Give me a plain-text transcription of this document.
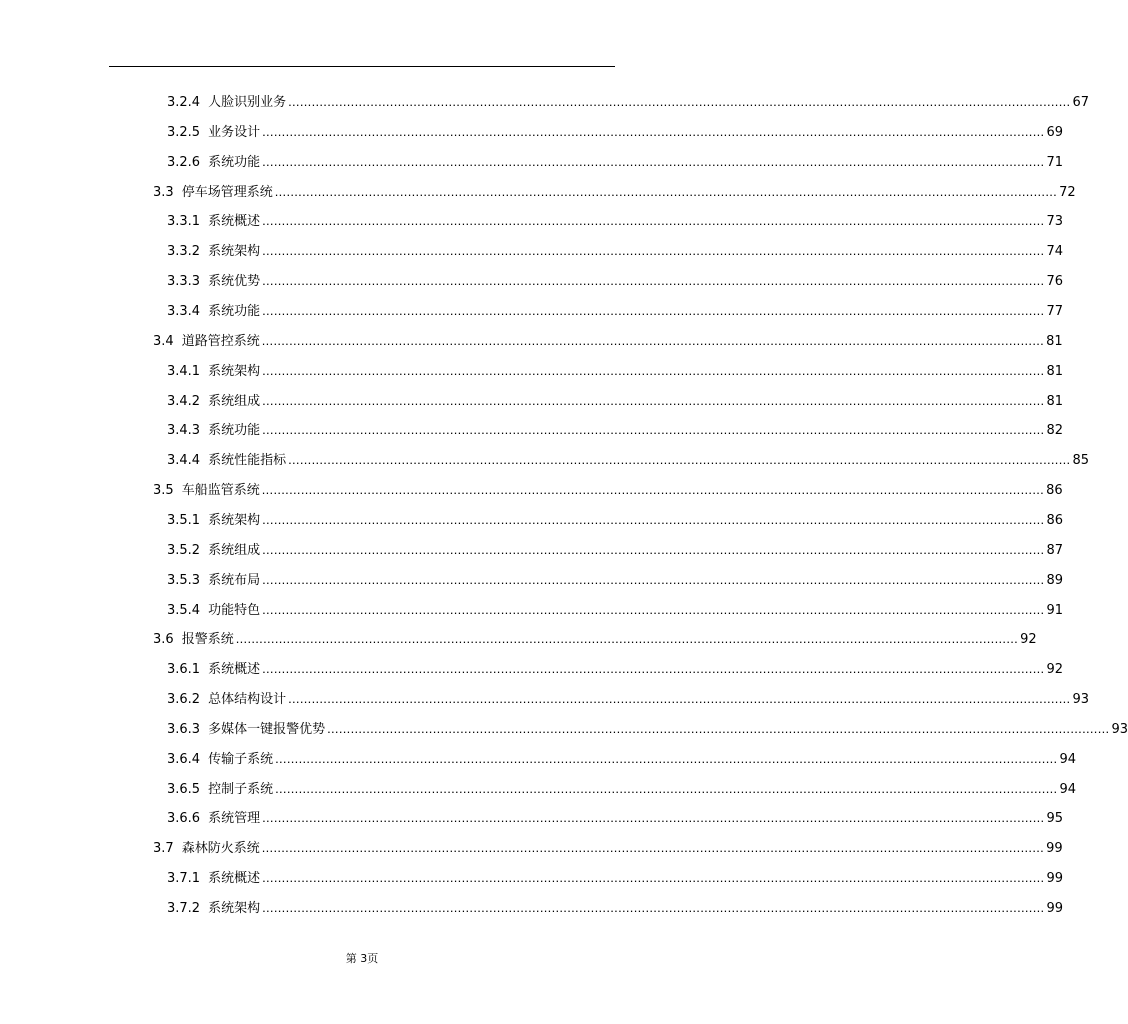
3.2.4 人脸识别业务 ........................................................................................................................................................................................................ 67
3.2.5 业务设计 ........................................................................................................................................................................................................ 69
3.2.6 系统功能 ........................................................................................................................................................................................................ 71
3.3 停车场管理系统 ........................................................................................................................................................................................................ 72
3.3.1 系统概述 ........................................................................................................................................................................................................ 73
3.3.2 系统架构 ........................................................................................................................................................................................................ 74
3.3.3 系统优势 ........................................................................................................................................................................................................ 76
3.3.4 系统功能 ........................................................................................................................................................................................................ 77
3.4 道路管控系统 ........................................................................................................................................................................................................ 81
3.4.1 系统架构 ........................................................................................................................................................................................................ 81
3.4.2 系统组成 ........................................................................................................................................................................................................ 81
3.4.3 系统功能 ........................................................................................................................................................................................................ 82
3.4.4 系统性能指标 ........................................................................................................................................................................................................ 85
3.5 车船监管系统 ........................................................................................................................................................................................................ 86
3.5.1 系统架构 ........................................................................................................................................................................................................ 86
3.5.2 系统组成 ........................................................................................................................................................................................................ 87
3.5.3 系统布局 ........................................................................................................................................................................................................ 89
3.5.4 功能特色 ........................................................................................................................................................................................................ 91
3.6 报警系统 ........................................................................................................................................................................................................ 92
3.6.1 系统概述 ........................................................................................................................................................................................................ 92
3.6.2 总体结构设计 ........................................................................................................................................................................................................ 93
3.6.3 多媒体一键报警优势 ........................................................................................................................................................................................................ 93
3.6.4 传输子系统 ........................................................................................................................................................................................................ 94
3.6.5 控制子系统 ........................................................................................................................................................................................................ 94
3.6.6 系统管理 ........................................................................................................................................................................................................ 95
3.7 森林防火系统 ........................................................................................................................................................................................................ 99
3.7.1 系统概述 ........................................................................................................................................................................................................ 99
3.7.2 系统架构 ........................................................................................................................................................................................................ 99
第 3页
